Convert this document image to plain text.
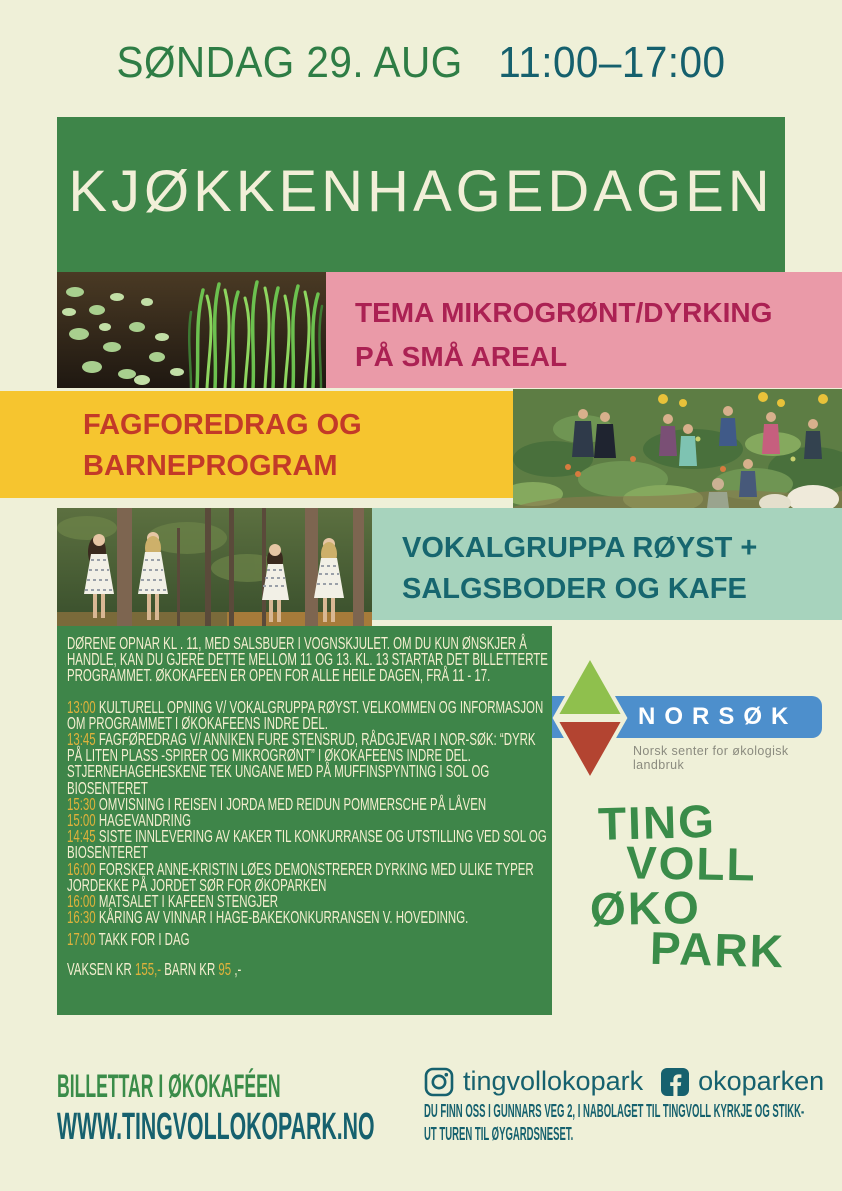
SØNDAG 29. AUG 11:00–17:00
KJØKKENHAGEDAGEN
TEMA MIKROGRØNT/DYRKING
PÅ SMÅ AREAL
FAGFOREDRAG OG
BARNEPROGRAM
VOKALGRUPPA RØYST +
SALGSBODER OG KAFE
DØRENE OPNAR KL . 11, MED SALSBUER I VOGNSKJULET. OM DU KUN ØNSKJER Å HANDLE, KAN DU GJERE DETTE MELLOM 11 OG 13. KL. 13 STARTAR DET BILLETTERTE PROGRAMMET. ØKOKAFEEN ER OPEN FOR ALLE HEILE DAGEN, FRÅ 11 - 17.
13:00 KULTURELL OPNING V/ VOKALGRUPPA RØYST. VELKOMMEN OG INFORMASJON OM PROGRAMMET I ØKOKAFEENS INDRE DEL.
13:45 FAGFØREDRAG V/ ANNIKEN FURE STENSRUD, RÅDGJEVAR I NOR-SØK: “DYRK PÅ LITEN PLASS -SPIRER OG MIKROGRØNT” I ØKOKAFEENS INDRE DEL.
STJERNEHAGEHESKENE TEK UNGANE MED PÅ MUFFINSPYNTING I SOL OG BIOSENTERET
15:30 OMVISNING I REISEN I JORDA MED REIDUN POMMERSCHE PÅ LÅVEN
15:00 HAGEVANDRING
14:45 SISTE INNLEVERING AV KAKER TIL KONKURRANSE OG UTSTILLING VED SOL OG BIOSENTERET
16:00 FORSKER ANNE-KRISTIN LØES DEMONSTRERER DYRKING MED ULIKE TYPER JORDEKKE PÅ JORDET SØR FOR ØKOPARKEN
16:00 MATSALET I KAFEEN STENGJER
16:30 KÅRING AV VINNAR I HAGE-BAKEKONKURRANSEN V. HOVEDINNG.
17:00 TAKK FOR I DAG
VAKSEN KR 155,- BARN KR 95 ,-
NORSØK
Norsk senter for økologisk landbruk
TING
VOLL
ØKO
PARK
BILLETTAR I ØKOKAFÉEN
WWW.TINGVOLLOKOPARK.NO
tingvollokopark okoparken
DU FINN OSS I GUNNARS VEG 2, I NABOLAGET TIL TINGVOLL KYRKJE OG STIKK-
UT TUREN TIL ØYGARDSNESET.
